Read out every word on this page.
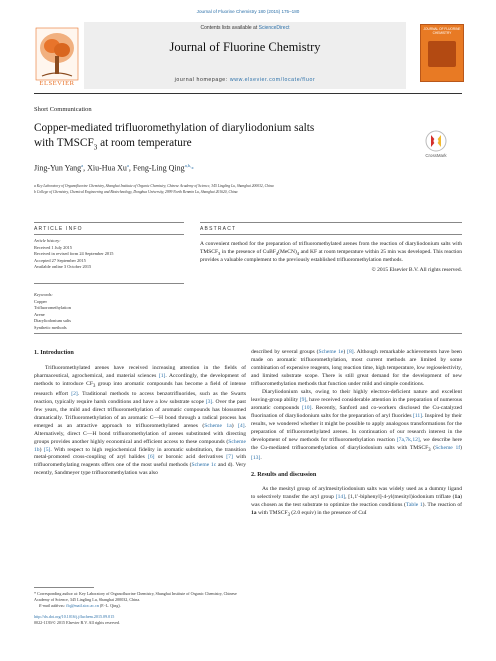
Journal of Fluorine Chemistry 180 (2015) 175–180
ELSEVIER
Contents lists available at ScienceDirect
Journal of Fluorine Chemistry
journal homepage: www.elsevier.com/locate/fluor
JOURNAL OF FLUORINE CHEMISTRY
Short Communication
Copper-mediated trifluoromethylation of diaryliodonium salts
with $TMSCF_3$ at room temperature
CrossMark
Jing-Yun Yang$^a$, Xiu-Hua Xu$^a$, Feng-Ling Qing$^{a,b,}$*
a Key Laboratory of Organofluorine Chemistry, Shanghai Institute of Organic Chemistry, Chinese Academy of Science, 345 Lingling Lu, Shanghai 200032, China
b College of Chemistry, Chemical Engineering and Biotechnology, Donghua University, 2999 North Renmin Lu, Shanghai 201620, China
ARTICLE INFO	ABSTRACT
Article history:
Received 1 July 2015
Received in revised form 24 September 2015
Accepted 27 September 2015
Available online 3 October 2015
Keywords:
Copper
Trifluoromethylation
Arene
Diaryliodonium salts
Synthetic methods
A convenient method for the preparation of trifluoromethylated arenes from the reaction of diaryliodonium salts with $TMSCF_3$ in the presence of $CuBF_4(MeCN)_4$ and KF at room temperature within 25 min was developed. This reaction provides a valuable complement to the previously established trifluoromethylation methods.
© 2015 Elsevier B.V. All rights reserved.
1. Introduction

Trifluoromethylated arenes have received increasing attention in the fields of pharmaceutical, agrochemical, and material sciences [1]. Accordingly, the development of methods to introduce $CF_3$ group into aromatic compounds has become a field of intense research effort [2]. Traditional methods to access benzotrifluorides, such as the Swarts reaction, typically require harsh conditions and have a low substrate scope [3]. Over the past few years, the mild and direct trifluoromethylation of aromatic compounds has blossomed dramatically. Trifluoromethylation of an aromatic C—H bond through a radical process has emerged as an attractive approach to trifluoromethylated arenes (Scheme 1a) [4]. Alternatively, direct C—H bond trifluoromethylation of arenes substituted with directing groups provides another highly economical and efficient access to these compounds (Scheme 1b) [5]. With respect to high regiochemical fidelity in aromatic substitution, the transition metal-promoted cross-coupling of aryl halides [6] or boronic acid derivatives [7] with trifluoromethylating reagents offers one of the most useful methods (Scheme 1c and d). Very recently, Sandmeyer type trifluoromethylation was also

* Corresponding author at: Key Laboratory of Organofluorine Chemistry, Shanghai Institute of Organic Chemistry, Chinese Academy of Science, 345 Lingling Lu, Shanghai 200032, China.
E-mail address: flq@mail.sioc.ac.cn (F.-L. Qing).
http://dx.doi.org/10.1016/j.jfluchem.2015.09.015
0022-1139/© 2015 Elsevier B.V. All rights reserved.

described by several groups (Scheme 1e) [8]. Although remarkable achievements have been made on aromatic trifluoromethylation, most current methods are limited by some combination of expensive reagents, long reaction time, high temperature, low regioselectivity, and limited substrate scope. There is still great demand for the development of new trifluoromethylation methods that function under mild and simple conditions.

Diaryliodonium salts, owing to their highly electron-deficient nature and excellent leaving-group ability [9], have received considerable attention in the preparation of numerous aromatic compounds [10]. Recently, Sanford and co-workers disclosed the Cu-catalyzed fluorination of diaryliodonium salts for the preparation of aryl fluorides [11]. Inspired by their results, we wondered whether it might be possible to apply analogous transformations for the preparation of trifluoromethylated arenes. In continuation of our research interest in the development of new methods for trifluoromethylation reaction [7a,7k,12], we describe here the Cu-mediated trifluoromethylation of diaryliodonium salts with $TMSCF_3$ (Scheme 1f) [13].

2. Results and discussion

As the mesityl group of arylmesityliodonium salts was widely used as a dummy ligand to selectively transfer the aryl group [14], [1,1′-biphenyl]-4-yl(mesityl)iodonium triflate (1a) was chosen as the test substrate to optimize the reaction conditions (Table 1). The reaction of 1a with $TMSCF_3$ (2.0 equiv) in the presence of CuI
